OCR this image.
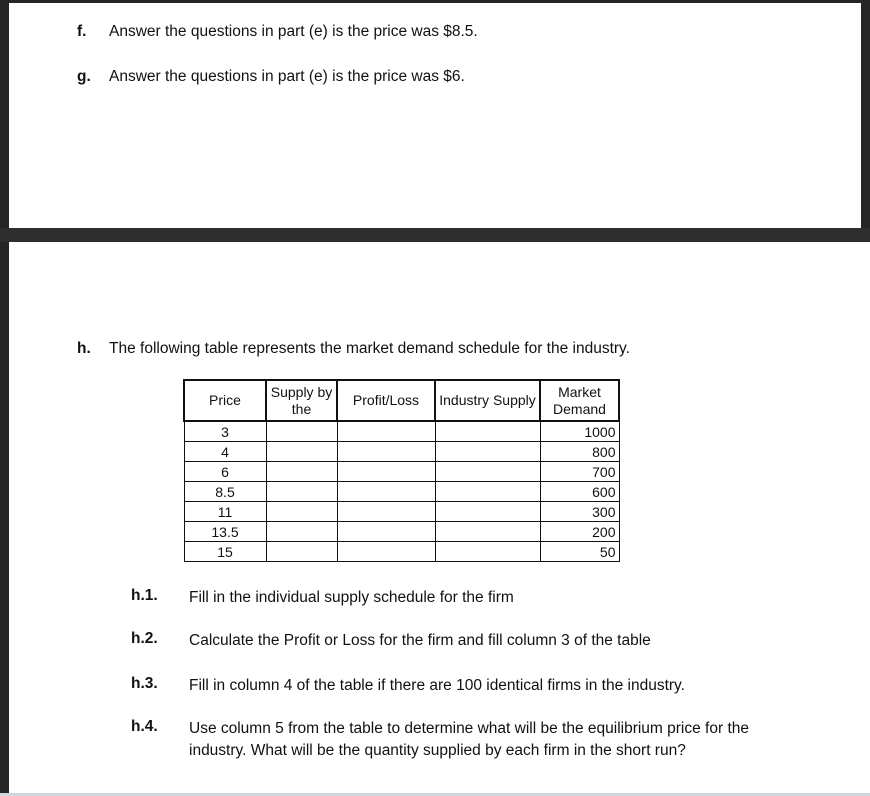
f. Answer the questions in part (e) is the price was $8.5.
g. Answer the questions in part (e) is the price was $6.
h. The following table represents the market demand schedule for the industry.
Price	Supply by the	Profit/Loss	Industry Supply	Market Demand
3				1000
4				800
6				700
8.5				600
11				300
13.5				200
15				50
h.1. Fill in the individual supply schedule for the firm
h.2. Calculate the Profit or Loss for the firm and fill column 3 of the table
h.3. Fill in column 4 of the table if there are 100 identical firms in the industry.
h.4. Use column 5 from the table to determine what will be the equilibrium price for the industry. What will be the quantity supplied by each firm in the short run?
